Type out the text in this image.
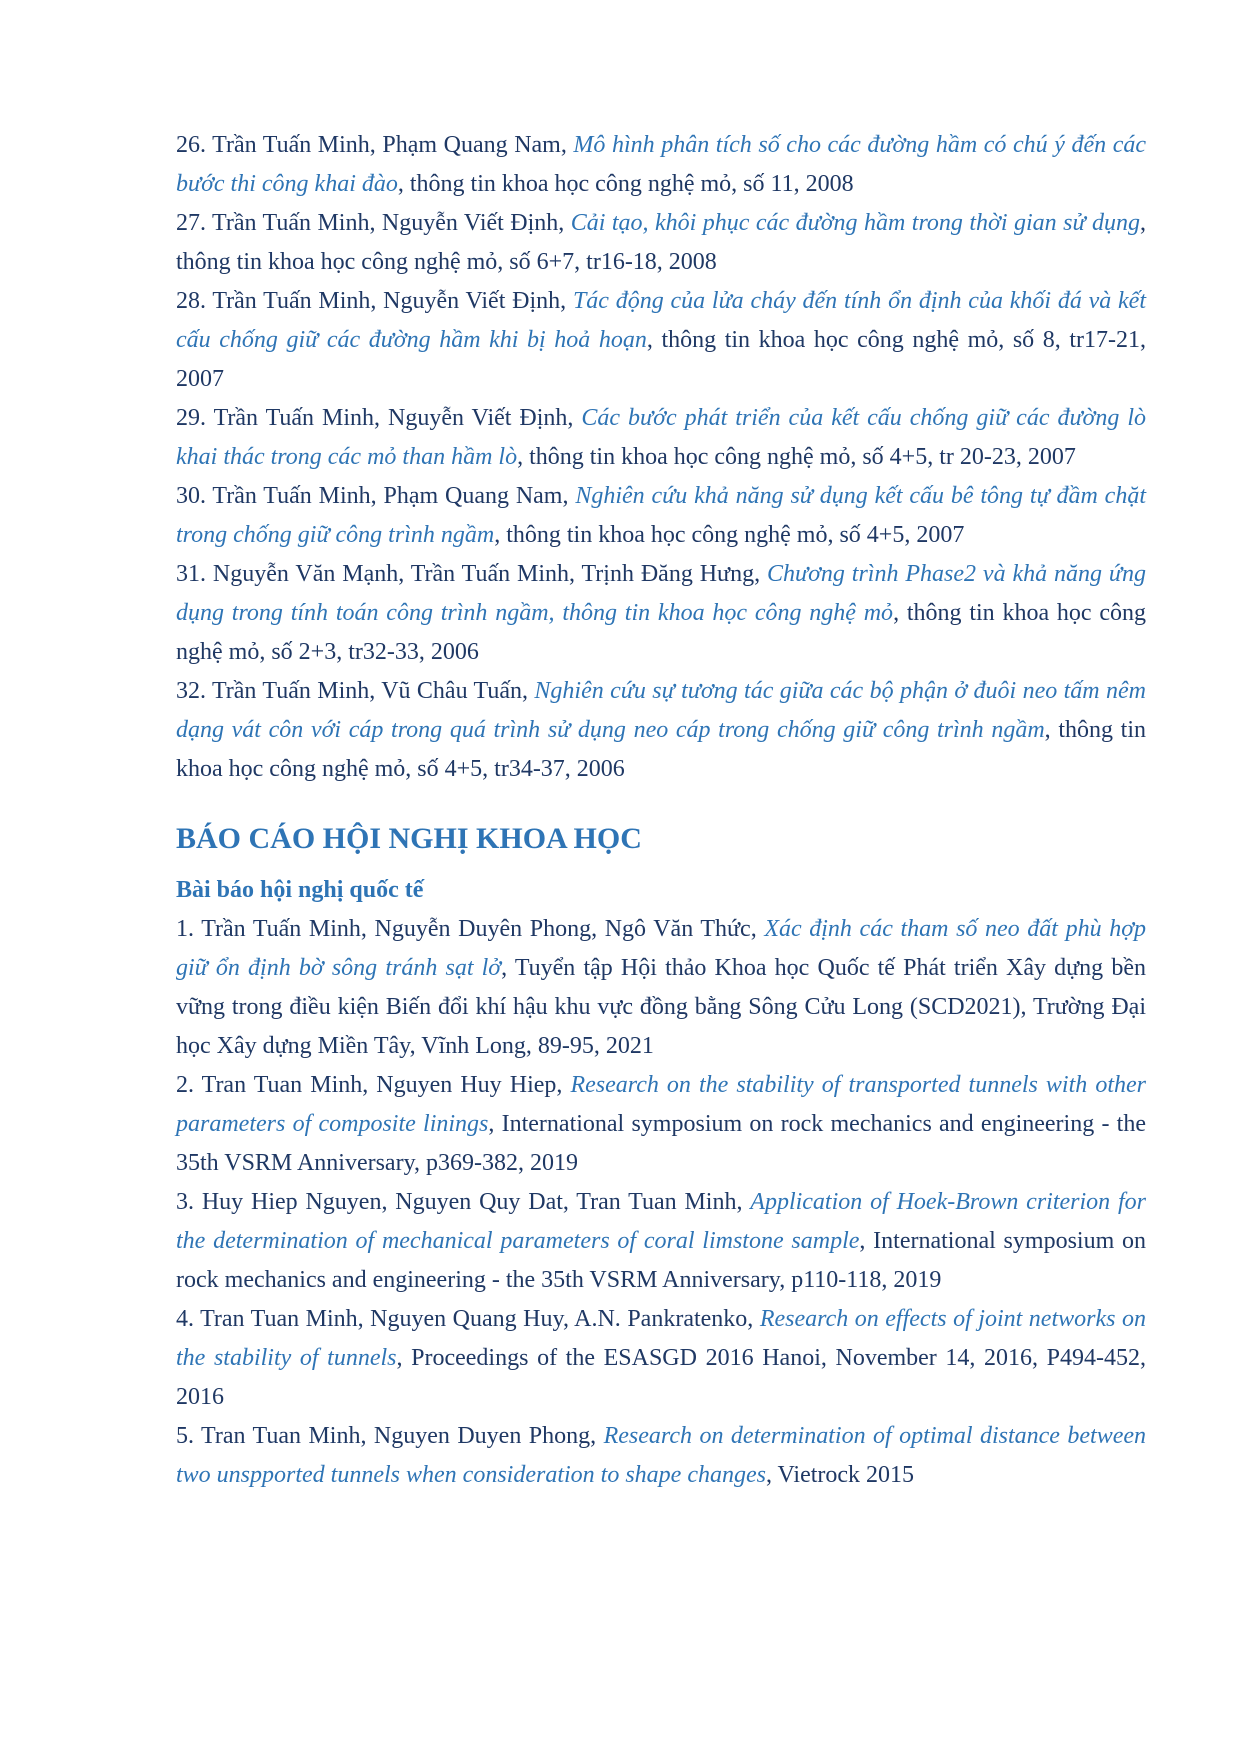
26. Trần Tuấn Minh, Phạm Quang Nam, Mô hình phân tích số cho các đường hầm có chú ý đến các bước thi công khai đào, thông tin khoa học công nghệ mỏ, số 11, 2008

27. Trần Tuấn Minh, Nguyễn Viết Định, Cải tạo, khôi phục các đường hầm trong thời gian sử dụng, thông tin khoa học công nghệ mỏ, số 6+7, tr16-18, 2008

28. Trần Tuấn Minh, Nguyễn Viết Định, Tác động của lửa cháy đến tính ổn định của khối đá và kết cấu chống giữ các đường hầm khi bị hoả hoạn, thông tin khoa học công nghệ mỏ, số 8, tr17-21, 2007

29. Trần Tuấn Minh, Nguyễn Viết Định, Các bước phát triển của kết cấu chống giữ các đường lò khai thác trong các mỏ than hầm lò, thông tin khoa học công nghệ mỏ, số 4+5, tr 20-23, 2007

30. Trần Tuấn Minh, Phạm Quang Nam, Nghiên cứu khả năng sử dụng kết cấu bê tông tự đầm chặt trong chống giữ công trình ngầm, thông tin khoa học công nghệ mỏ, số 4+5, 2007

31. Nguyễn Văn Mạnh, Trần Tuấn Minh, Trịnh Đăng Hưng, Chương trình Phase2 và khả năng ứng dụng trong tính toán công trình ngầm, thông tin khoa học công nghệ mỏ, thông tin khoa học công nghệ mỏ, số 2+3, tr32-33, 2006

32. Trần Tuấn Minh, Vũ Châu Tuấn, Nghiên cứu sự tương tác giữa các bộ phận ở đuôi neo tấm nêm dạng vát côn với cáp trong quá trình sử dụng neo cáp trong chống giữ công trình ngầm, thông tin khoa học công nghệ mỏ, số 4+5, tr34-37, 2006

BÁO CÁO HỘI NGHỊ KHOA HỌC
Bài báo hội nghị quốc tế

1. Trần Tuấn Minh, Nguyễn Duyên Phong, Ngô Văn Thức, Xác định các tham số neo đất phù hợp giữ ổn định bờ sông tránh sạt lở, Tuyển tập Hội thảo Khoa học Quốc tế Phát triển Xây dựng bền vững trong điều kiện Biến đổi khí hậu khu vực đồng bằng Sông Cửu Long (SCD2021), Trường Đại học Xây dựng Miền Tây, Vĩnh Long, 89-95, 2021

2. Tran Tuan Minh, Nguyen Huy Hiep, Research on the stability of transported tunnels with other parameters of composite linings, International symposium on rock mechanics and engineering - the 35th VSRM Anniversary, p369-382, 2019

3. Huy Hiep Nguyen, Nguyen Quy Dat, Tran Tuan Minh, Application of Hoek-Brown criterion for the determination of mechanical parameters of coral limstone sample, International symposium on rock mechanics and engineering - the 35th VSRM Anniversary, p110-118, 2019

4. Tran Tuan Minh, Nguyen Quang Huy, A.N. Pankratenko, Research on effects of joint networks on the stability of tunnels, Proceedings of the ESASGD 2016 Hanoi, November 14, 2016, P494-452, 2016

5. Tran Tuan Minh, Nguyen Duyen Phong, Research on determination of optimal distance between two unspported tunnels when consideration to shape changes, Vietrock 2015
